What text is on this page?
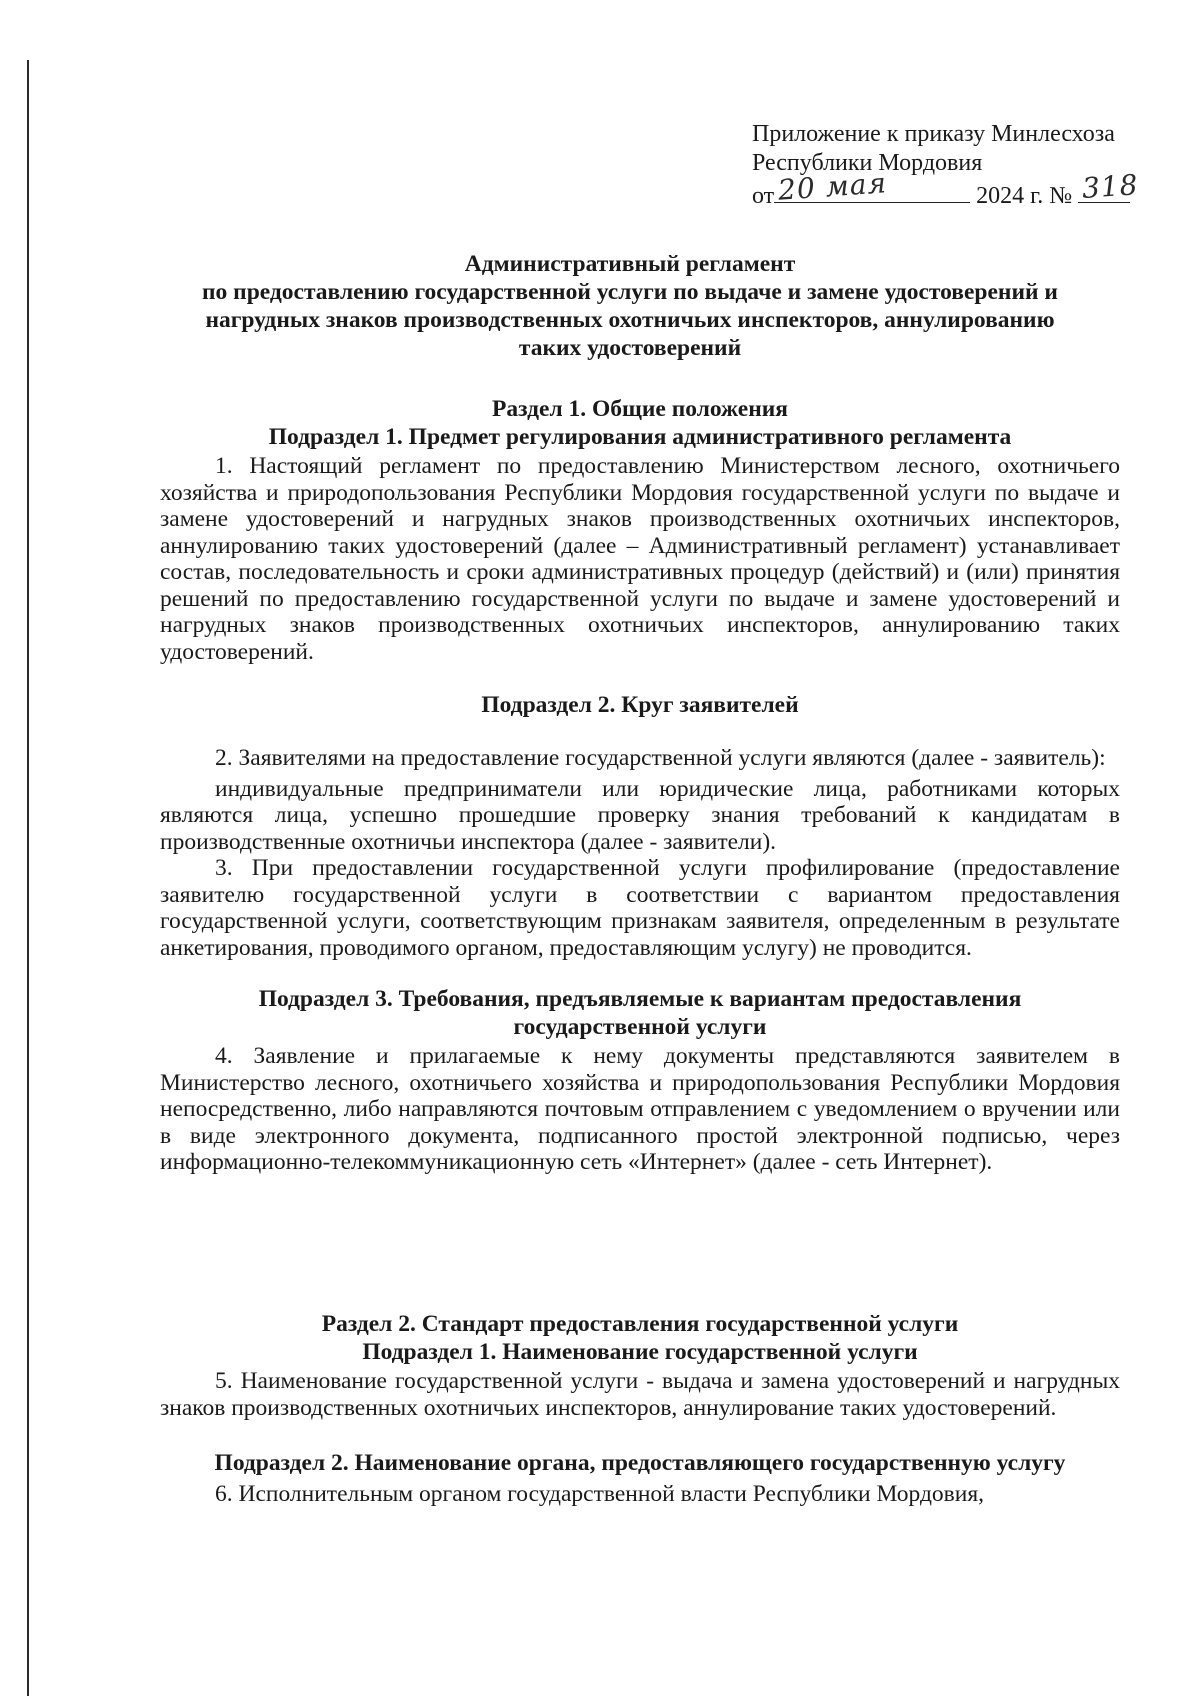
Приложение к приказу Минлесхоза
Республики Мордовия
от 20 мая	2024 г. № 318
Административный регламент
по предоставлению государственной услуги по выдаче и замене удостоверений и
нагрудных знаков производственных охотничьих инспекторов, аннулированию
таких удостоверений
Раздел 1. Общие положения
Подраздел 1. Предмет регулирования административного регламента

1. Настоящий регламент по предоставлению Министерством лесного, охотничьего хозяйства и природопользования Республики Мордовия государственной услуги по выдаче и замене удостоверений и нагрудных знаков производственных охотничьих инспекторов, аннулированию таких удостоверений (далее – Административный регламент) устанавливает состав, последовательность и сроки административных процедур (действий) и (или) принятия решений по предоставлению государственной услуги по выдаче и замене удостоверений и нагрудных знаков производственных охотничьих инспекторов, аннулированию таких удостоверений.

Подраздел 2. Круг заявителей

2. Заявителями на предоставление государственной услуги являются (далее - заявитель):

индивидуальные предприниматели или юридические лица, работниками которых являются лица, успешно прошедшие проверку знания требований к кандидатам в производственные охотничьи инспектора (далее - заявители).

3. При предоставлении государственной услуги профилирование (предоставление заявителю государственной услуги в соответствии с вариантом предоставления государственной услуги, соответствующим признакам заявителя, определенным в результате анкетирования, проводимого органом, предоставляющим услугу) не проводится.

Подраздел 3. Требования, предъявляемые к вариантам предоставления
государственной услуги

4. Заявление и прилагаемые к нему документы представляются заявителем в Министерство лесного, охотничьего хозяйства и природопользования Республики Мордовия непосредственно, либо направляются почтовым отправлением с уведомлением о вручении или в виде электронного документа, подписанного простой электронной подписью, через информационно-телекоммуникационную сеть «Интернет» (далее - сеть Интернет).

Раздел 2. Стандарт предоставления государственной услуги
Подраздел 1. Наименование государственной услуги

5. Наименование государственной услуги - выдача и замена удостоверений и нагрудных знаков производственных охотничьих инспекторов, аннулирование таких удостоверений.

Подраздел 2. Наименование органа, предоставляющего государственную услугу

6. Исполнительным органом государственной власти Республики Мордовия,
